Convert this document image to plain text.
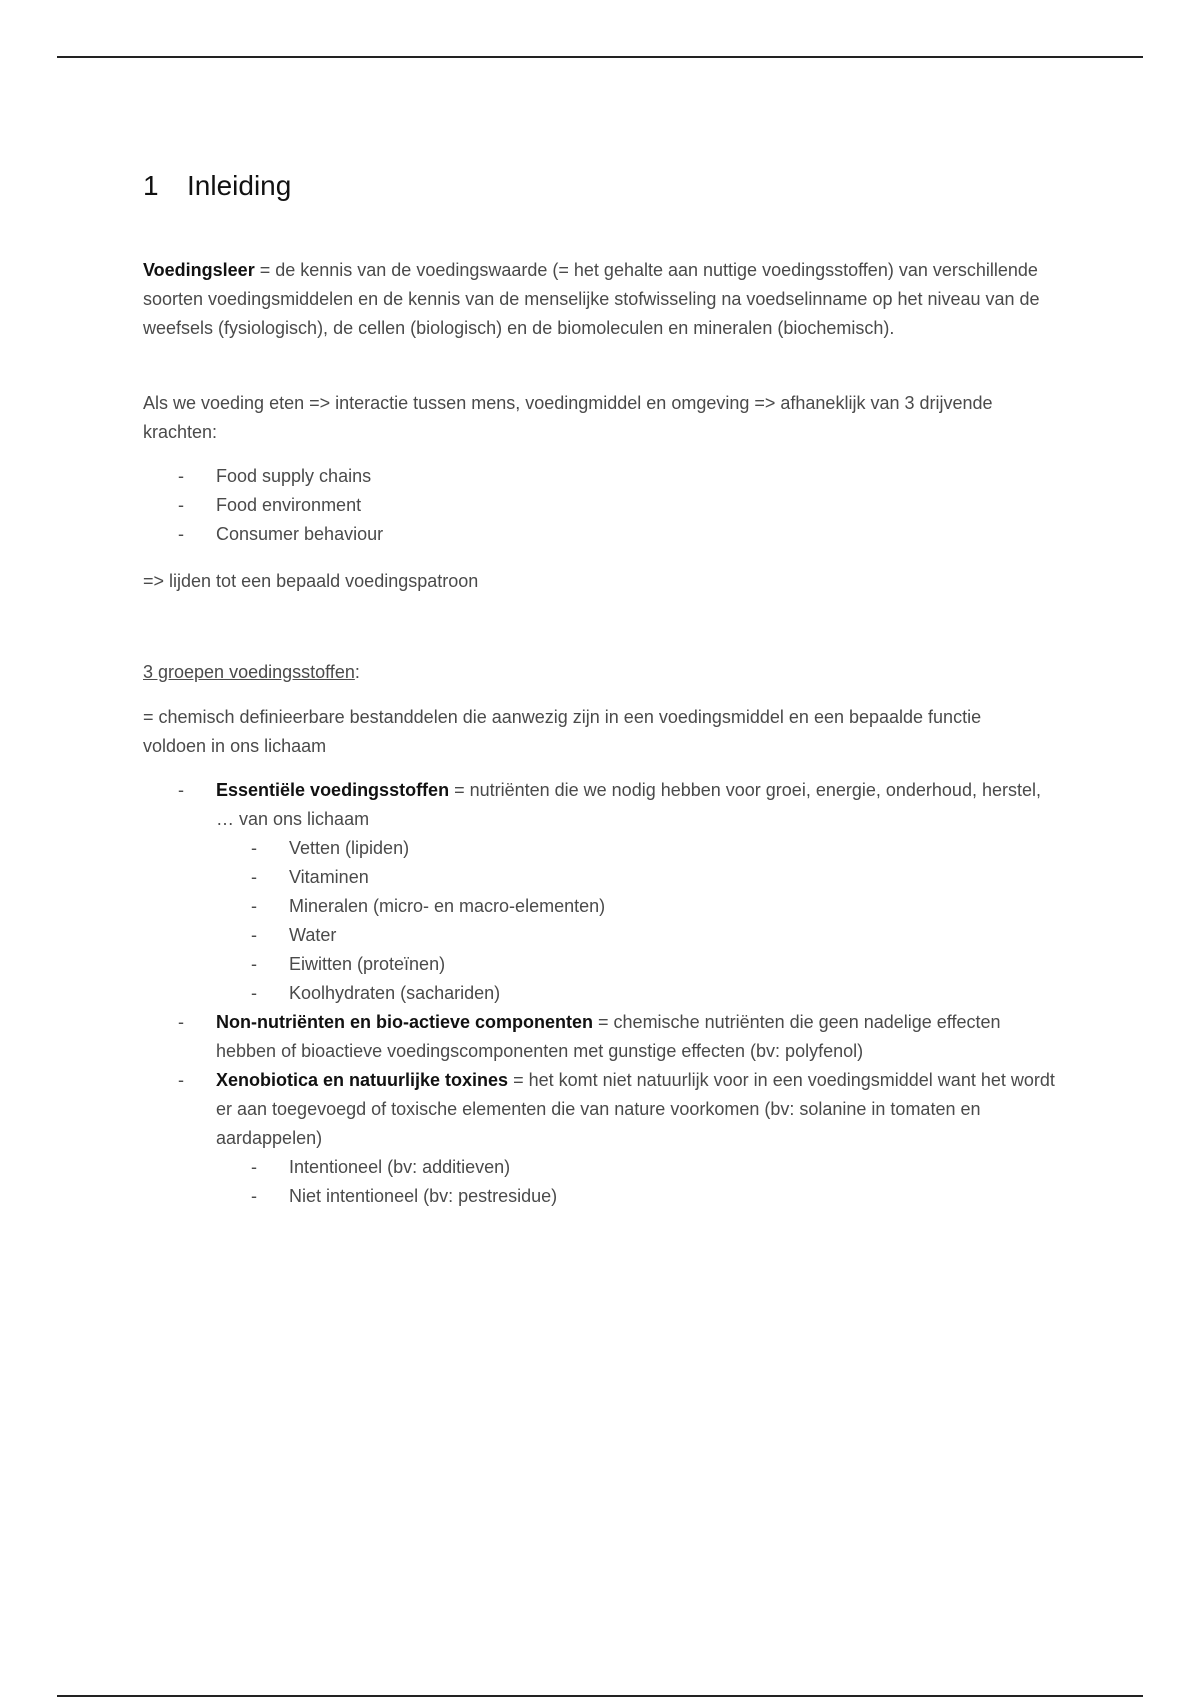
1 Inleiding

Voedingsleer = de kennis van de voedingswaarde (= het gehalte aan nuttige voedingsstoffen) van verschillende soorten voedingsmiddelen en de kennis van de menselijke stofwisseling na voedselinname op het niveau van de weefsels (fysiologisch), de cellen (biologisch) en de biomoleculen en mineralen (biochemisch).

Als we voeding eten => interactie tussen mens, voedingmiddel en omgeving => afhaneklijk van 3 drijvende krachten:

- Food supply chains
- Food environment
- Consumer behaviour

=> lijden tot een bepaald voedingspatroon

3 groepen voedingsstoffen:

= chemisch definieerbare bestanddelen die aanwezig zijn in een voedingsmiddel en een bepaalde functie voldoen in ons lichaam

- Essentiële voedingsstoffen = nutriënten die we nodig hebben voor groei, energie, onderhoud, herstel, … van ons lichaam
- Vetten (lipiden)
- Vitaminen
- Mineralen (micro- en macro-elementen)
- Water
- Eiwitten (proteïnen)
- Koolhydraten (sachariden)
- Non-nutriënten en bio-actieve componenten = chemische nutriënten die geen nadelige effecten hebben of bioactieve voedingscomponenten met gunstige effecten (bv: polyfenol)
- Xenobiotica en natuurlijke toxines = het komt niet natuurlijk voor in een voedingsmiddel want het wordt er aan toegevoegd of toxische elementen die van nature voorkomen (bv: solanine in tomaten en aardappelen)
- Intentioneel (bv: additieven)
- Niet intentioneel (bv: pestresidue)
